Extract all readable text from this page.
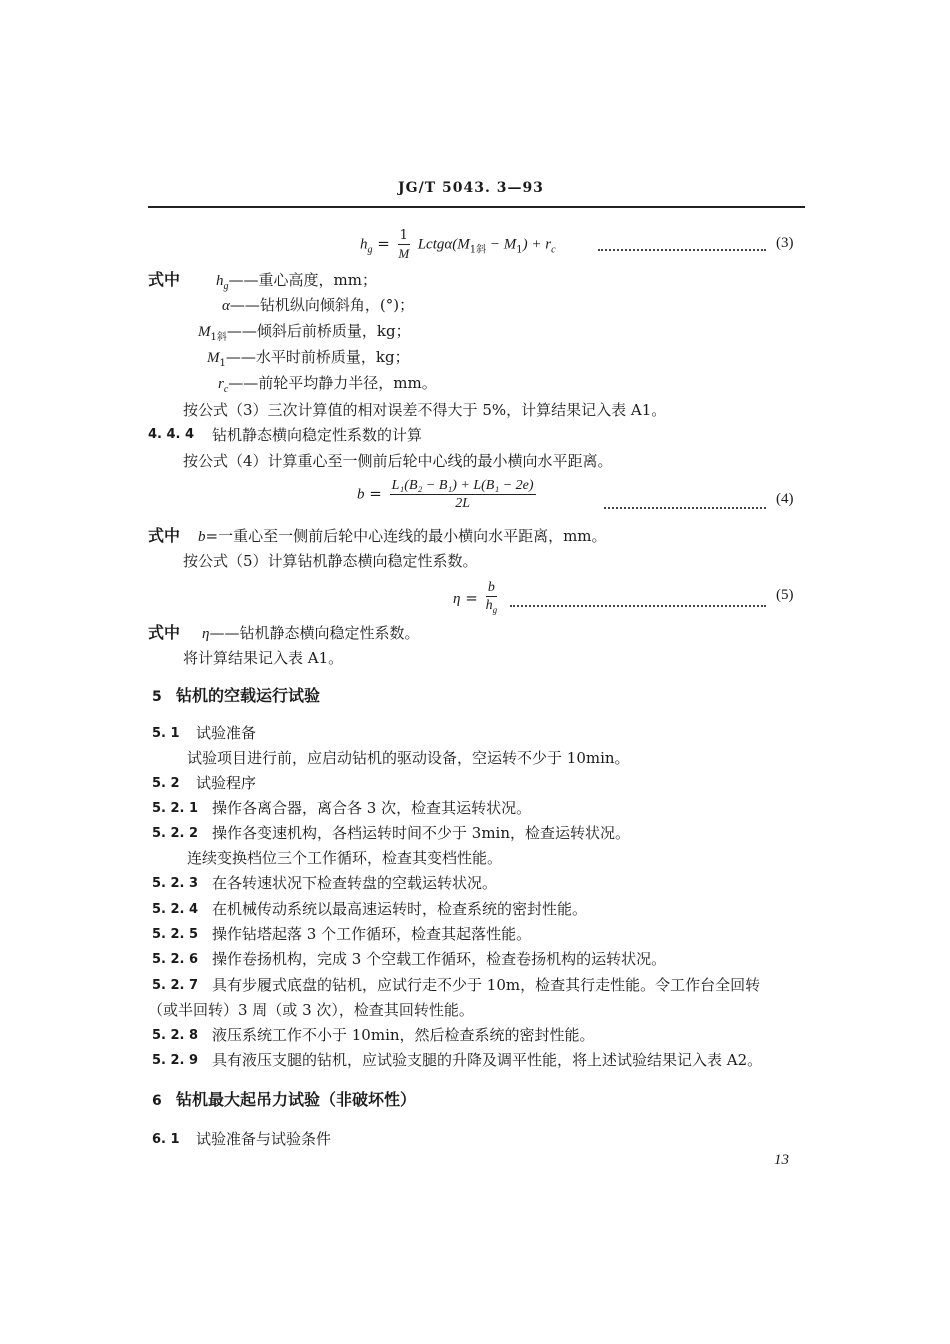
JG/T 5043. 3—93
$h_g = \frac{1}{M}$ $Lctg\alpha(M_{1斜} - M_1) + r_c$	(3)
式中 $h_g——$重心高度，mm；
α——钻机纵向倾斜角，(°)；
$M_{1斜}——$倾斜后前桥质量，kg；
$M_1——$水平时前桥质量，kg；
$r_c——$前轮平均静力半径，mm。
按公式（3）三次计算值的相对误差不得大于 5%，计算结果记入表 A1。
4. 4. 4 钻机静态横向稳定性系数的计算
按公式（4）计算重心至一侧前后轮中心线的最小横向水平距离。
$b = \frac{\text{L₁(B₂ − B₁) + L(B₁ − 2e)}}{2L}$	(4)
式中 b=一重心至一侧前后轮中心连线的最小横向水平距离，mm。
按公式（5）计算钻机静态横向稳定性系数。
$\eta = \frac{b}{h_g}$	(5)
式中 η——钻机静态横向稳定性系数。
将计算结果记入表 A1。
5 钻机的空载运行试验
5. 1 试验准备
试验项目进行前，应启动钻机的驱动设备，空运转不少于 10min。
5. 2 试验程序
5. 2. 1 操作各离合器，离合各 3 次，检查其运转状况。
5. 2. 2 操作各变速机构，各档运转时间不少于 3min，检查运转状况。
连续变换档位三个工作循环，检查其变档性能。
5. 2. 3 在各转速状况下检查转盘的空载运转状况。
5. 2. 4 在机械传动系统以最高速运转时，检查系统的密封性能。
5. 2. 5 操作钻塔起落 3 个工作循环，检查其起落性能。
5. 2. 6 操作卷扬机构，完成 3 个空载工作循环，检查卷扬机构的运转状况。
5. 2. 7 具有步履式底盘的钻机，应试行走不少于 10m，检查其行走性能。令工作台全回转
（或半回转）3 周（或 3 次），检查其回转性能。
5. 2. 8 液压系统工作不小于 10min，然后检查系统的密封性能。
5. 2. 9 具有液压支腿的钻机，应试验支腿的升降及调平性能，将上述试验结果记入表 A2。
6 钻机最大起吊力试验（非破坏性）
6. 1 试验准备与试验条件
13
